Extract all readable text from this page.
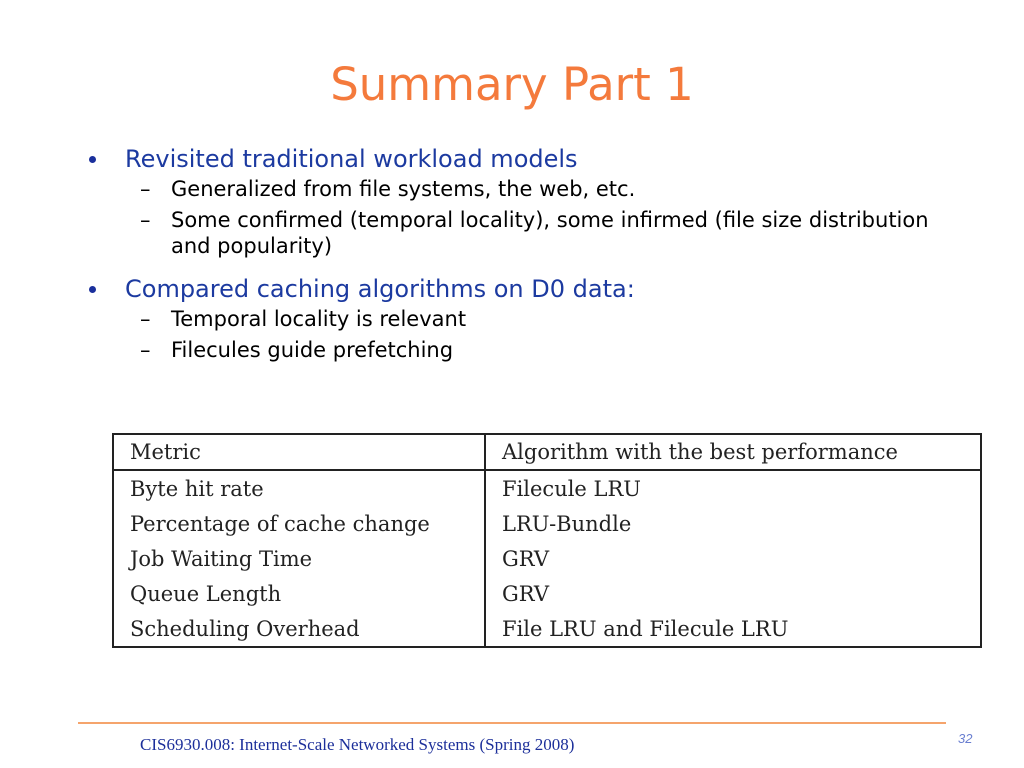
Summary Part 1
Revisited traditional workload models
– Generalized from file systems, the web, etc.
– Some confirmed (temporal locality), some infirmed (file size distribution and popularity)
Compared caching algorithms on D0 data:
– Temporal locality is relevant
– Filecules guide prefetching
Metric	Algorithm with the best performance
Byte hit rate	Filecule LRU
Percentage of cache change	LRU-Bundle
Job Waiting Time	GRV
Queue Length	GRV
Scheduling Overhead	File LRU and Filecule LRU
CIS6930.008: Internet-Scale Networked Systems (Spring 2008)	32
